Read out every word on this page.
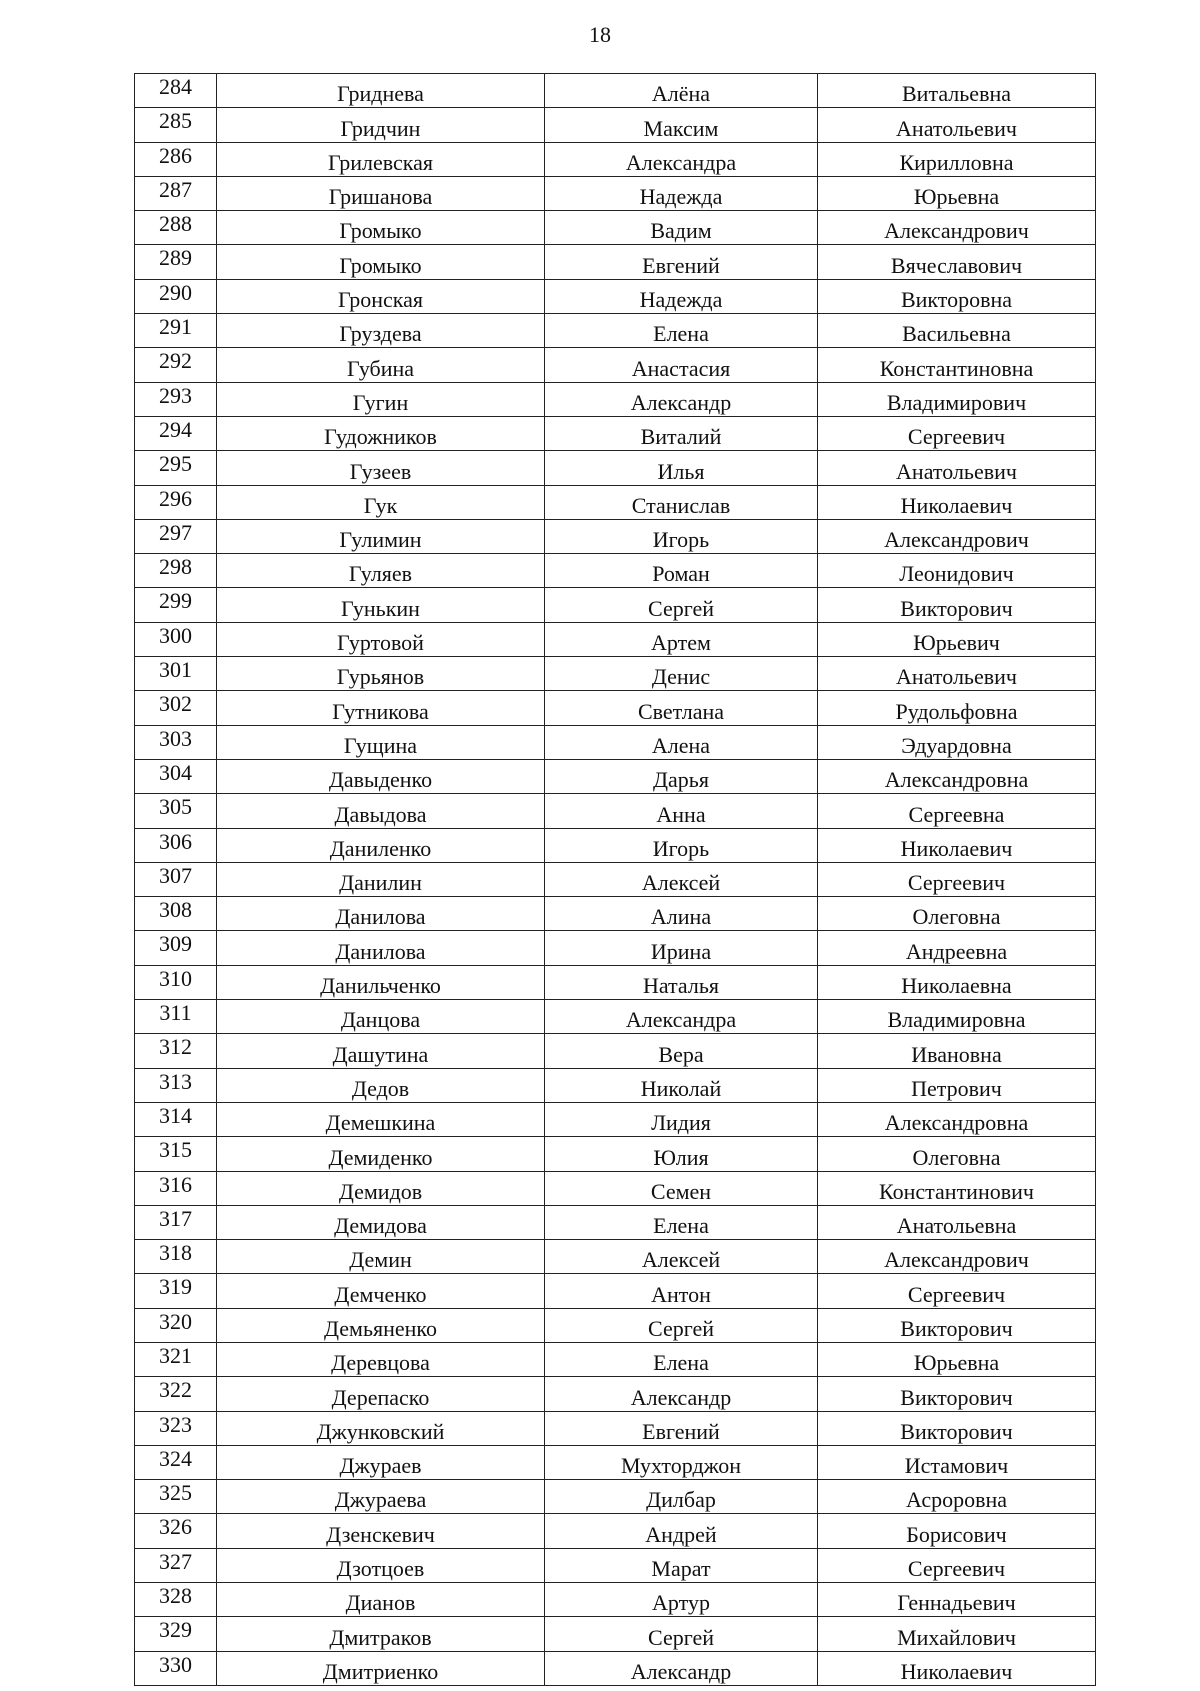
18
284	Гриднева	Алёна	Витальевна
285	Гридчин	Максим	Анатольевич
286	Грилевская	Александра	Кирилловна
287	Гришанова	Надежда	Юрьевна
288	Громыко	Вадим	Александрович
289	Громыко	Евгений	Вячеславович
290	Гронская	Надежда	Викторовна
291	Груздева	Елена	Васильевна
292	Губина	Анастасия	Константиновна
293	Гугин	Александр	Владимирович
294	Гудожников	Виталий	Сергеевич
295	Гузеев	Илья	Анатольевич
296	Гук	Станислав	Николаевич
297	Гулимин	Игорь	Александрович
298	Гуляев	Роман	Леонидович
299	Гунькин	Сергей	Викторович
300	Гуртовой	Артем	Юрьевич
301	Гурьянов	Денис	Анатольевич
302	Гутникова	Светлана	Рудольфовна
303	Гущина	Алена	Эдуардовна
304	Давыденко	Дарья	Александровна
305	Давыдова	Анна	Сергеевна
306	Даниленко	Игорь	Николаевич
307	Данилин	Алексей	Сергеевич
308	Данилова	Алина	Олеговна
309	Данилова	Ирина	Андреевна
310	Данильченко	Наталья	Николаевна
311	Данцова	Александра	Владимировна
312	Дашутина	Вера	Ивановна
313	Дедов	Николай	Петрович
314	Демешкина	Лидия	Александровна
315	Демиденко	Юлия	Олеговна
316	Демидов	Семен	Константинович
317	Демидова	Елена	Анатольевна
318	Демин	Алексей	Александрович
319	Демченко	Антон	Сергеевич
320	Демьяненко	Сергей	Викторович
321	Деревцова	Елена	Юрьевна
322	Дерепаско	Александр	Викторович
323	Джунковский	Евгений	Викторович
324	Джураев	Мухторджон	Истамович
325	Джураева	Дилбар	Асроровна
326	Дзенскевич	Андрей	Борисович
327	Дзотцоев	Марат	Сергеевич
328	Дианов	Артур	Геннадьевич
329	Дмитраков	Сергей	Михайлович
330	Дмитриенко	Александр	Николаевич
